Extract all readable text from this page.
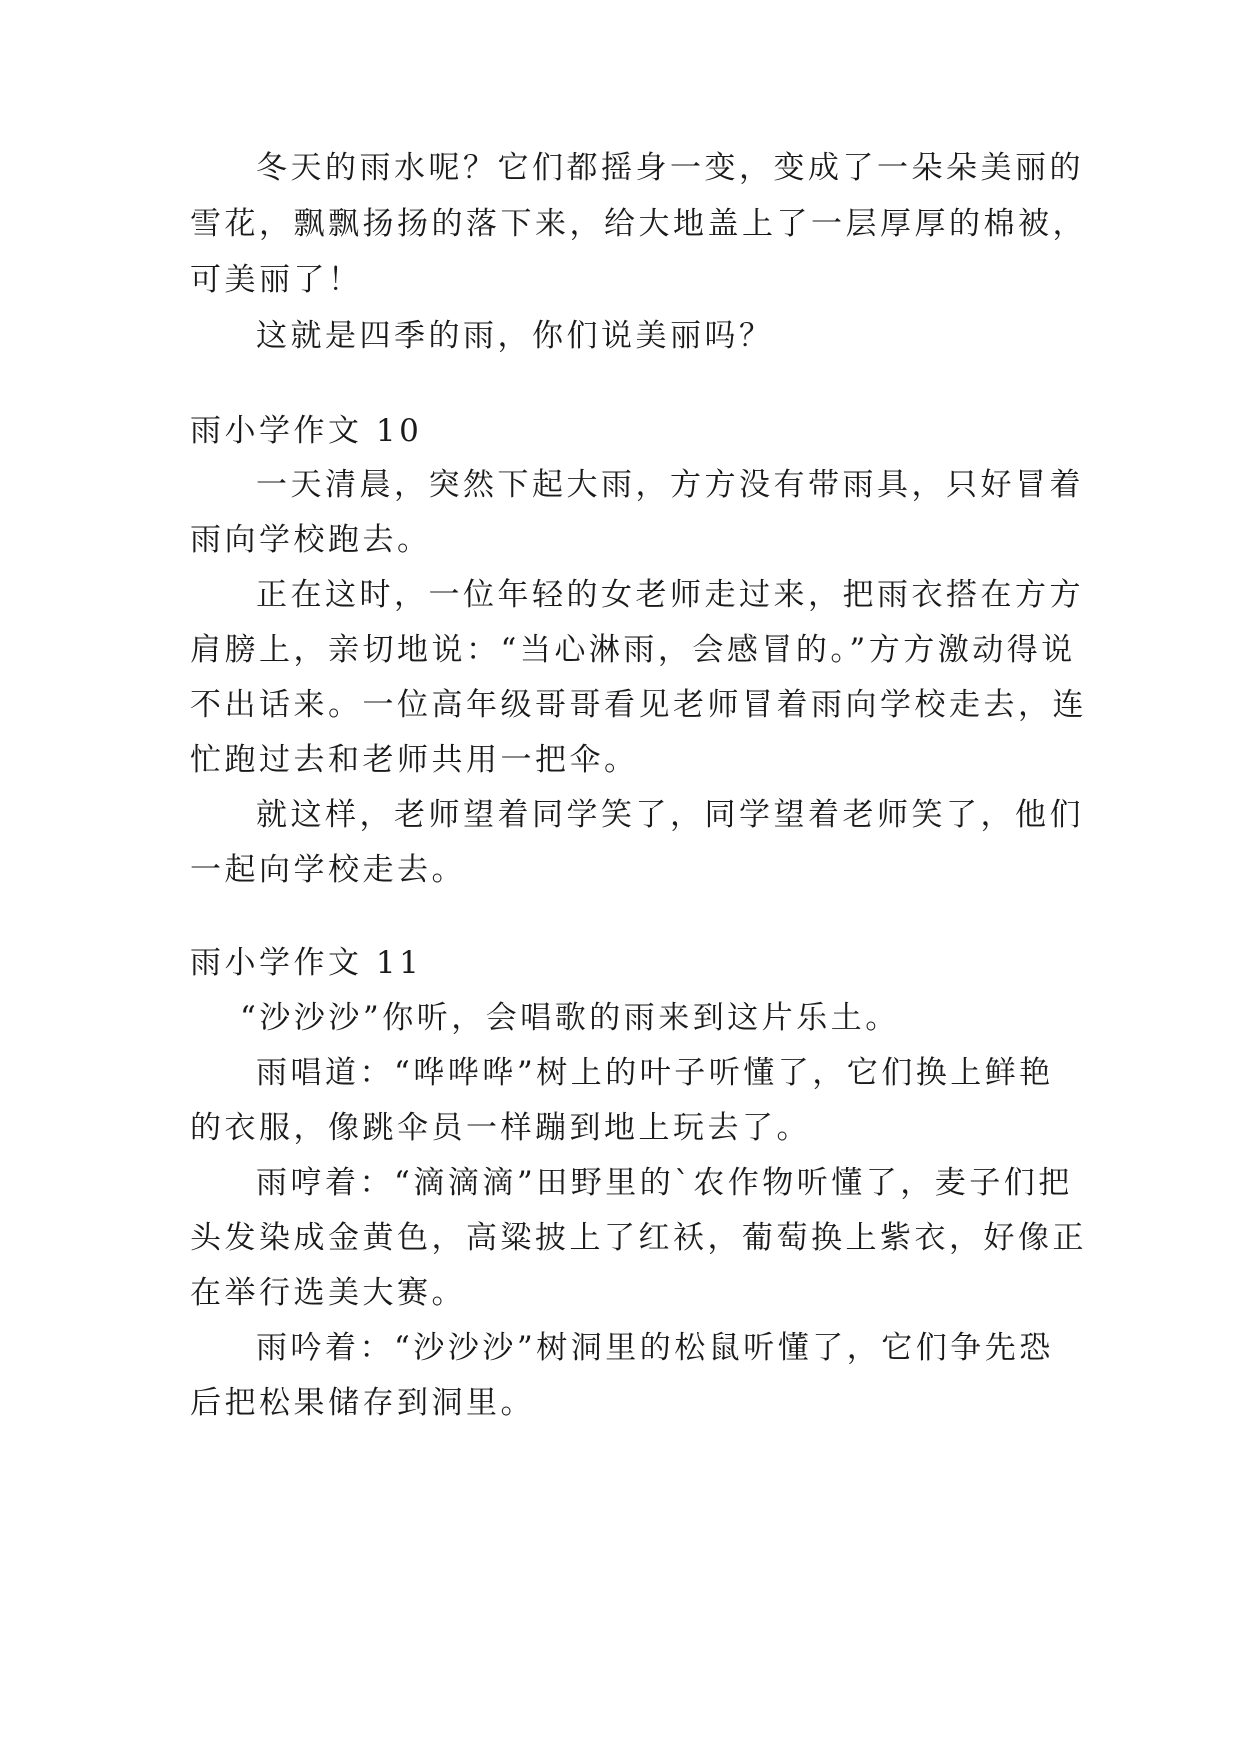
冬天的雨水呢？它们都摇身一变，变成了一朵朵美丽的
雪花，飘飘扬扬的落下来，给大地盖上了一层厚厚的棉被，
可美丽了！
这就是四季的雨，你们说美丽吗？
雨小学作文 10
一天清晨，突然下起大雨，方方没有带雨具，只好冒着
雨向学校跑去。
正在这时，一位年轻的女老师走过来，把雨衣搭在方方
肩膀上，亲切地说：“当心淋雨，会感冒的。”方方激动得说
不出话来。一位高年级哥哥看见老师冒着雨向学校走去，连
忙跑过去和老师共用一把伞。
就这样，老师望着同学笑了，同学望着老师笑了，他们
一起向学校走去。
雨小学作文 11
“沙沙沙”你听，会唱歌的雨来到这片乐土。
雨唱道：“哗哗哗”树上的叶子听懂了，它们换上鲜艳
的衣服，像跳伞员一样蹦到地上玩去了。
雨哼着：“滴滴滴”田野里的`农作物听懂了，麦子们把
头发染成金黄色，高粱披上了红袄，葡萄换上紫衣，好像正
在举行选美大赛。
雨吟着：“沙沙沙”树洞里的松鼠听懂了，它们争先恐
后把松果储存到洞里。
